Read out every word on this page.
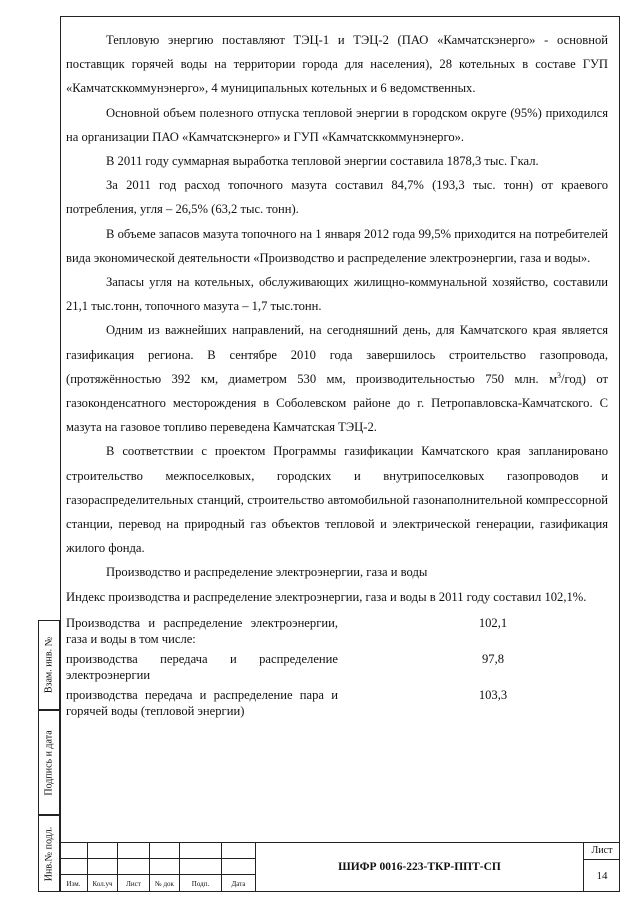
Тепловую энергию поставляют ТЭЦ-1 и ТЭЦ-2 (ПАО «Камчатскэнерго» - основной поставщик горячей воды на территории города для населения), 28 котельных в составе ГУП «Камчатсккоммунэнерго», 4 муниципальных котельных и 6 ведомственных.

Основной объем полезного отпуска тепловой энергии в городском округе (95%) приходился на организации ПАО «Камчатскэнерго» и ГУП «Камчатсккоммунэнерго».

В 2011 году суммарная выработка тепловой энергии составила 1878,3 тыс. Гкал.

За 2011 год расход топочного мазута составил 84,7% (193,3 тыс. тонн) от краевого потребления, угля – 26,5% (63,2 тыс. тонн).

В объеме запасов мазута топочного на 1 января 2012 года 99,5% приходится на потребителей вида экономической деятельности «Производство и распределение электроэнергии, газа и воды».

Запасы угля на котельных, обслуживающих жилищно-коммунальной хозяйство, составили 21,1 тыс.тонн, топочного мазута – 1,7 тыс.тонн.

Одним из важнейших направлений, на сегодняшний день, для Камчатского края является газификация региона. В сентябре 2010 года завершилось строительство газопровода, (протяжённостью 392 км, диаметром 530 мм, производительностью 750 млн. $м^3/год$) от газоконденсатного месторождения в Соболевском районе до г. Петропавловска-Камчатского. С мазута на газовое топливо переведена Камчатская ТЭЦ-2.

В соответствии с проектом Программы газификации Камчатского края запланировано строительство межпоселковых, городских и внутрипоселковых газопроводов и газораспределительных станций, строительство автомобильной газонаполнительной компрессорной станции, перевод на природный газ объектов тепловой и электрической генерации, газификация жилого фонда.

Производство и распределение электроэнергии, газа и воды

Индекс производства и распределение электроэнергии, газа и воды в 2011 году составил 102,1%.

Производства и распределение электроэнергии, газа и воды в том числе:	102,1
производства передача и распределение электроэнергии	97,8
производства передача и распределение пара и горячей воды (тепловой энергии)	103,3
Взам. инв. №
Подпись и дата
Инв.№ подл.
Изм.	Кол.уч	Лист	№ док	Подп.	Дата
ШИФР 0016-223-ТКР-ППТ-СП
Лист
14
